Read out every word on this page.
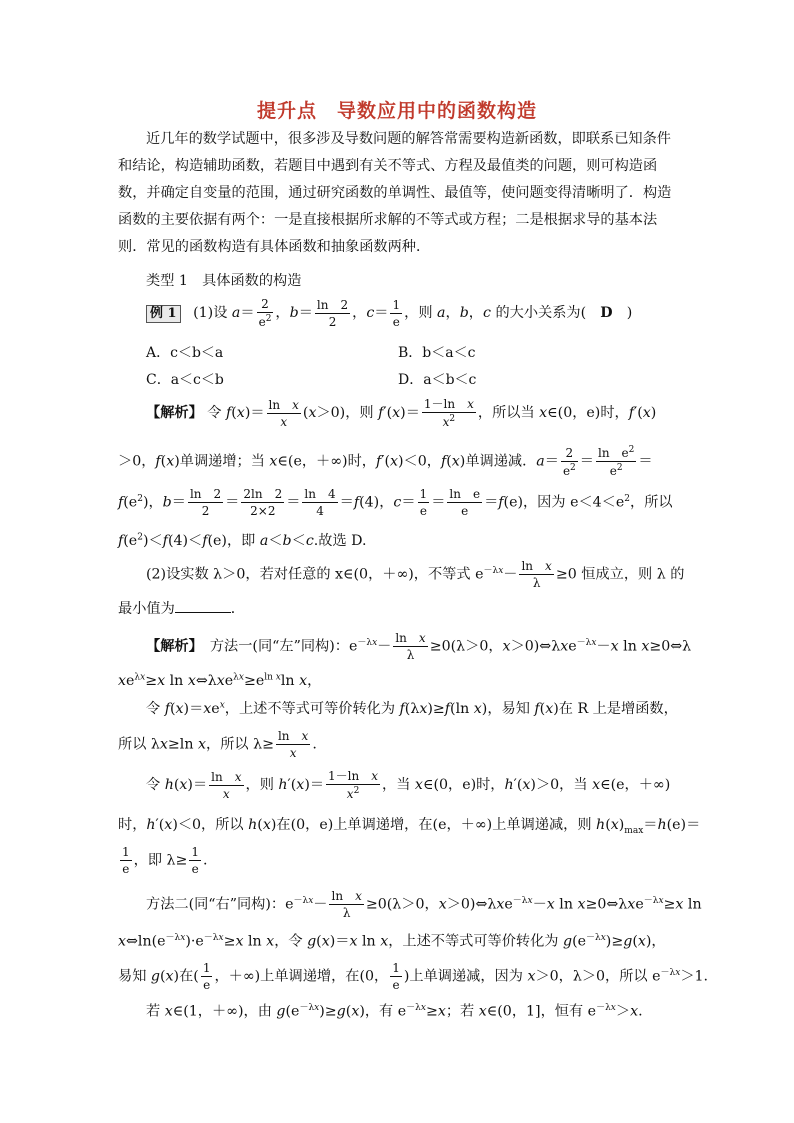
提升点　导数应用中的函数构造
近几年的数学试题中，很多涉及导数问题的解答常需要构造新函数，即联系已知条件和结论，构造辅助函数，若题目中遇到有关不等式、方程及最值类的问题，则可构造函数，并确定自变量的范围，通过研究函数的单调性、最值等，使问题变得清晰明了．构造函数的主要依据有两个：一是直接根据所求解的不等式或方程；二是根据求导的基本法则．常见的函数构造有具体函数和抽象函数两种．
类型 1　具体函数的构造
例 1 (1)设 $a= \frac{2}{e^2}$ ，$b= \frac{\ln 2}{2}$ ，$c= \frac{1}{e}$ ，则 a，b，c 的大小关系为(　D　)
A．c＜b＜a	B．b＜a＜c
C．a＜c＜b	D．a＜b＜c
【解析】 令 $f(x)= \frac{\text{ln　x}}{x} (x>0)$，则 $f'(x)= \frac{\text{1－ln　x}}{x^2}$ ，所以当 x∈(0，e)时，f′(x)
＞0，f(x)单调递增；当 x∈(e，＋∞)时，f′(x)＜0，f(x)单调递减．$a= \frac{2}{e^2} = \frac{\ln e^2}{e^2}$ ＝
$f(e^2)$，$b= \frac{\ln 2}{2} = \frac{2\ln 2}{2\times 2} = \frac{\ln 4}{4} =f(4)$，$c= \frac{1}{e} = \frac{\text{ln　e}}{e} =f(e)$，因为 $e<4<e^2$，所以
$f(e^2)<f(4)<f(e)$，即 a＜b＜c.故选 D.
(2)设实数 λ＞0，若对任意的 x∈(0，＋∞)，不等式 $e^{-\lambda x}- \frac{\text{ln　x}}{\lambda} \ge 0$ 恒成立，则 λ 的
最小值为	．
【解析】　 方法一(同“左”同构)：$e^{-\lambda x}- \frac{\text{ln　x}}{\lambda} \ge 0(\lambda>0$，x＞0)⇔λxe$^{-\lambda x}$－x ln x≥0⇔λ
$xe^{\lambda x}\ge x$ $\ln x\Leftrightarrow\lambda xe^{\lambda x}\ge e^{ln x}\ln$ x，
令 $f(x)=xe^x$，上述不等式可等价转化为 f(λx)≥f(ln x)，易知 f(x)在 R 上是增函数，
所以 λx≥ln x，所以 $\lambda\ge \frac{\text{ln　x}}{x}$ .
令 $h(x)= \frac{\text{ln　x}}{x}$ ，则 $h'(x)= \frac{\text{1－ln　x}}{x^2}$ ，当 x∈(0，e)时，h′(x)＞0，当 x∈(e，＋∞)
时，h′(x)＜0，所以 h(x)在(0，e)上单调递增，在(e，＋∞)上单调递减，则 $h(x)_{max}=h(e)=$
$\frac{1}{e}$ ，即 $\lambda\ge \frac{1}{e}$ .
方法二(同“右”同构)：$e^{-\lambda x}- \frac{\text{ln　x}}{\lambda} \ge 0(\lambda>0$，x＞0)⇔λxe$^{-\lambda x}$－x ln x≥0⇔λxe$^{-\lambda x}$≥x ln
$x\Leftrightarrow\ln(e^{-\lambda x})\cdot e^{-\lambda x}\ge x$ ln x，令 g(x)＝x ln x，上述不等式可等价转化为 $g(e^{-\lambda x})\ge g(x)$，
易知 g(x)在( $\frac{1}{e}$ ，＋∞)上单调递增，在(0， $\frac{1}{e}$ )上单调递减，因为 x＞0，λ＞0，所以 $e^{-\lambda x}>1$.
若 x∈(1，＋∞)，由 $g(e^{-\lambda x})\ge g(x)$，有 $e^{-\lambda x}\ge x$；若 x∈(0，1]，恒有 $e^{-\lambda x}>x$.
